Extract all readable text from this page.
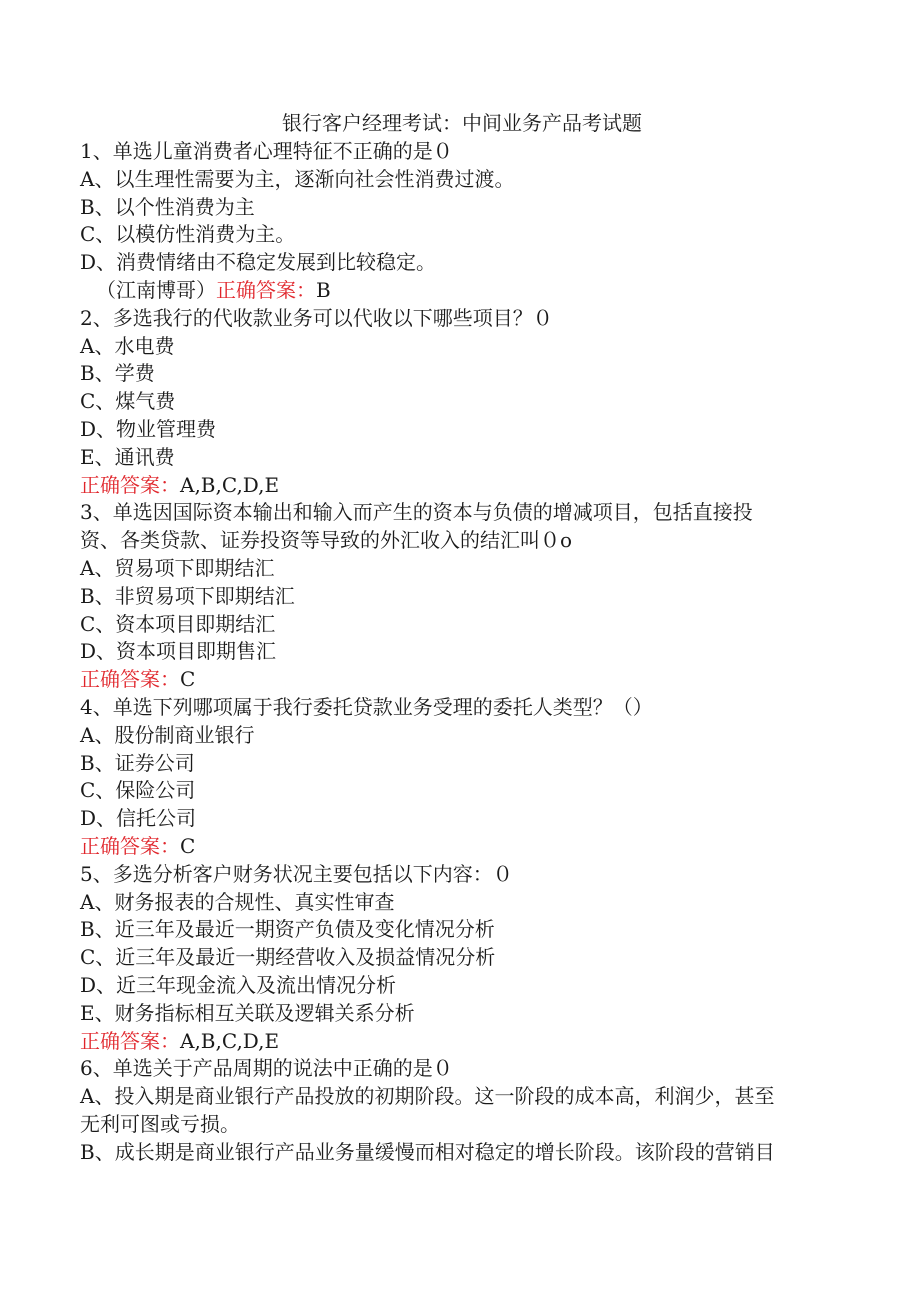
银行客户经理考试：中间业务产品考试题

1、单选儿童消费者心理特征不正确的是０

A、以生理性需要为主，逐渐向社会性消费过渡。

B、以个性消费为主

C、以模仿性消费为主。

D、消费情绪由不稳定发展到比较稳定。

（江南博哥）正确答案：B

2、多选我行的代收款业务可以代收以下哪些项目？０

A、水电费

B、学费

C、煤气费

D、物业管理费

E、通讯费

正确答案：A,B,C,D,E

3、单选因国际资本输出和输入而产生的资本与负债的增减项目，包括直接投

资、各类贷款、证券投资等导致的外汇收入的结汇叫０o

A、贸易项下即期结汇

B、非贸易项下即期结汇

C、资本项目即期结汇

D、资本项目即期售汇

正确答案：C

4、单选下列哪项属于我行委托贷款业务受理的委托人类型？（）

A、股份制商业银行

B、证券公司

C、保险公司

D、信托公司

正确答案：C

5、多选分析客户财务状况主要包括以下内容：０

A、财务报表的合规性、真实性审查

B、近三年及最近一期资产负债及变化情况分析

C、近三年及最近一期经营收入及损益情况分析

D、近三年现金流入及流出情况分析

E、财务指标相互关联及逻辑关系分析

正确答案：A,B,C,D,E

6、单选关于产品周期的说法中正确的是０

A、投入期是商业银行产品投放的初期阶段。这一阶段的成本高，利润少，甚至

无利可图或亏损。

B、成长期是商业银行产品业务量缓慢而相对稳定的增长阶段。该阶段的营销目
